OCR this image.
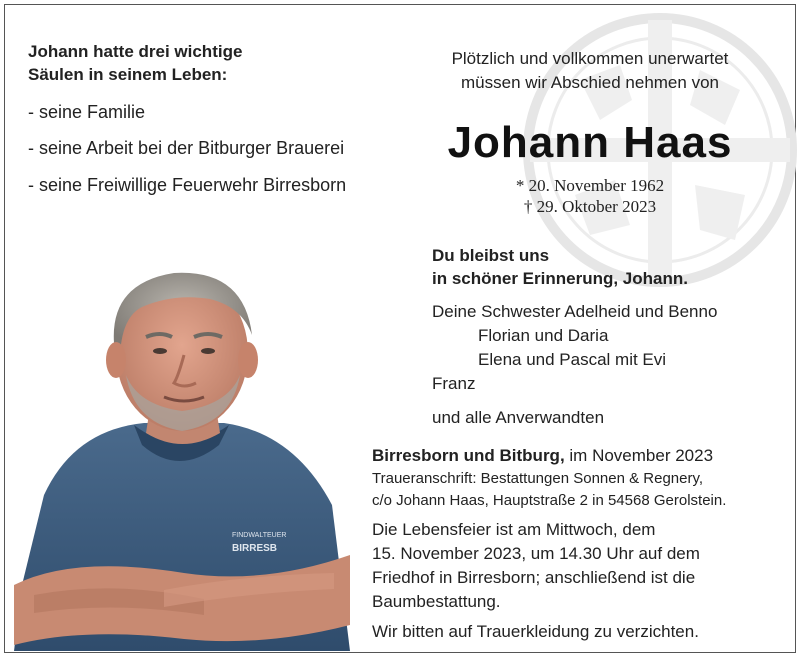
Johann hatte drei wichtige
Säulen in seinem Leben:
- seine Familie
- seine Arbeit bei der Bitburger Brauerei
- seine Freiwillige Feuerwehr Birresborn
Plötzlich und vollkommen unerwartet
müssen wir Abschied nehmen von
Johann Haas
* 20. November 1962
† 29. Oktober 2023
Du bleibst uns
in schöner Erinnerung, Johann.
Deine Schwester Adelheid und Benno
Florian und Daria
Elena und Pascal mit Evi
Franz
und alle Anverwandten
Birresborn und Bitburg, im November 2023
Traueranschrift: Bestattungen Sonnen & Regnery,
c/o Johann Haas, Hauptstraße 2 in 54568 Gerolstein.
Die Lebensfeier ist am Mittwoch, dem
15. November 2023, um 14.30 Uhr auf dem
Friedhof in Birresborn; anschließend ist die
Baumbestattung.
Wir bitten auf Trauerkleidung zu verzichten.
FINDWALTEUER
BIRRESB
